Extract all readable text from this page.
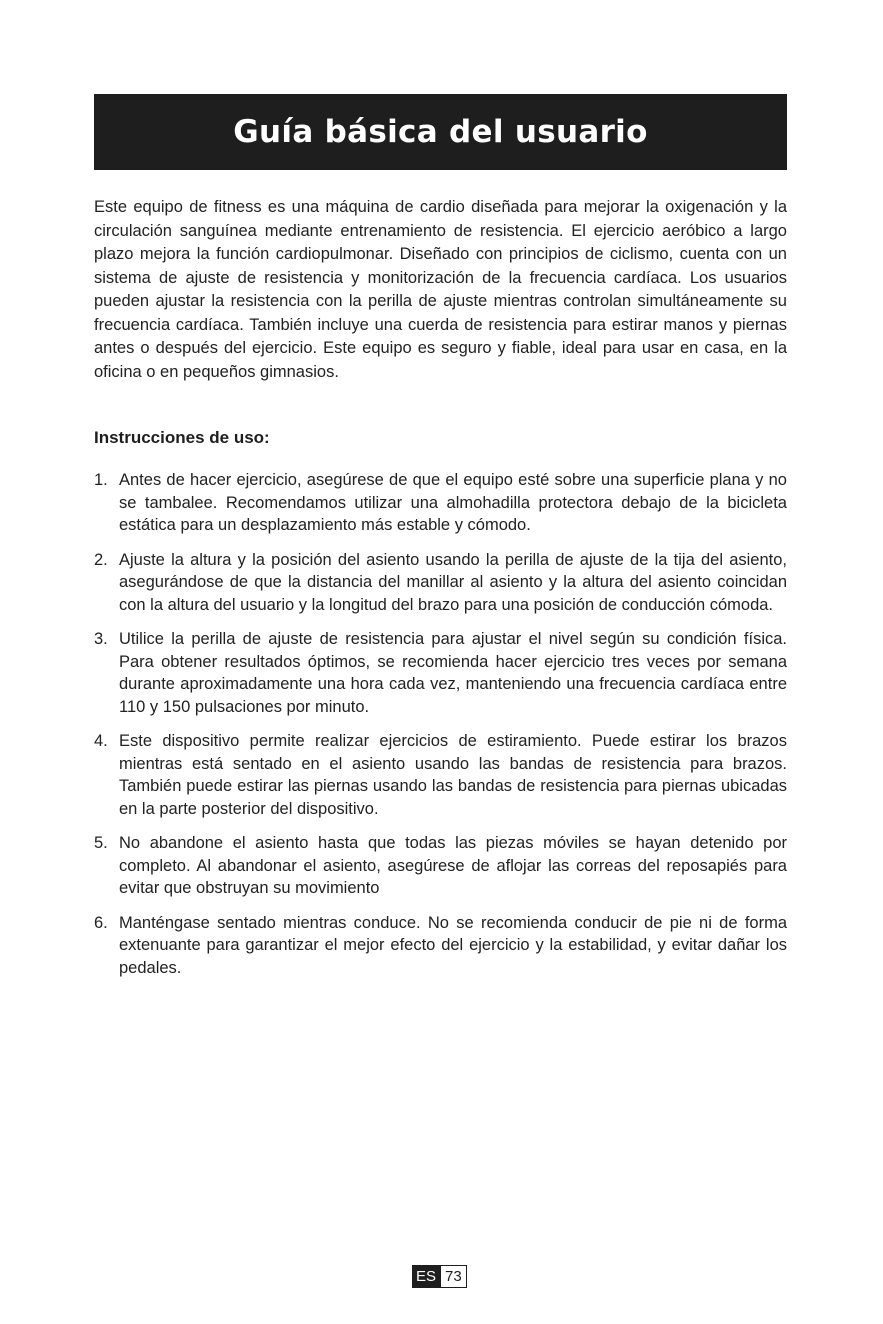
Guía básica del usuario

Este equipo de fitness es una máquina de cardio diseñada para mejorar la oxigenación y la circulación sanguínea mediante entrenamiento de resistencia. El ejercicio aeróbico a largo plazo mejora la función cardiopulmonar. Diseñado con principios de ciclismo, cuenta con un sistema de ajuste de resistencia y monitorización de la frecuencia cardíaca. Los usuarios pueden ajustar la resistencia con la perilla de ajuste mientras controlan simultáneamente su frecuencia cardíaca. También incluye una cuerda de resistencia para estirar manos y piernas antes o después del ejercicio. Este equipo es seguro y fiable, ideal para usar en casa, en la oficina o en pequeños gimnasios.

Instrucciones de uso:
1. Antes de hacer ejercicio, asegúrese de que el equipo esté sobre una superficie plana y no se tambalee. Recomendamos utilizar una almohadilla protectora debajo de la bicicleta estática para un desplazamiento más estable y cómodo.
2. Ajuste la altura y la posición del asiento usando la perilla de ajuste de la tija del asiento, asegurándose de que la distancia del manillar al asiento y la altura del asiento coincidan con la altura del usuario y la longitud del brazo para una posición de conducción cómoda.
3. Utilice la perilla de ajuste de resistencia para ajustar el nivel según su condición física. Para obtener resultados óptimos, se recomienda hacer ejercicio tres veces por semana durante aproximadamente una hora cada vez, manteniendo una frecuencia cardíaca entre 110 y 150 pulsaciones por minuto.
4. Este dispositivo permite realizar ejercicios de estiramiento. Puede estirar los brazos mientras está sentado en el asiento usando las bandas de resistencia para brazos. También puede estirar las piernas usando las bandas de resistencia para piernas ubicadas en la parte posterior del dispositivo.
5. No abandone el asiento hasta que todas las piezas móviles se hayan detenido por completo. Al abandonar el asiento, asegúrese de aflojar las correas del reposapiés para evitar que obstruyan su movimiento
6. Manténgase sentado mientras conduce. No se recomienda conducir de pie ni de forma extenuante para garantizar el mejor efecto del ejercicio y la estabilidad, y evitar dañar los pedales.
ES 73
